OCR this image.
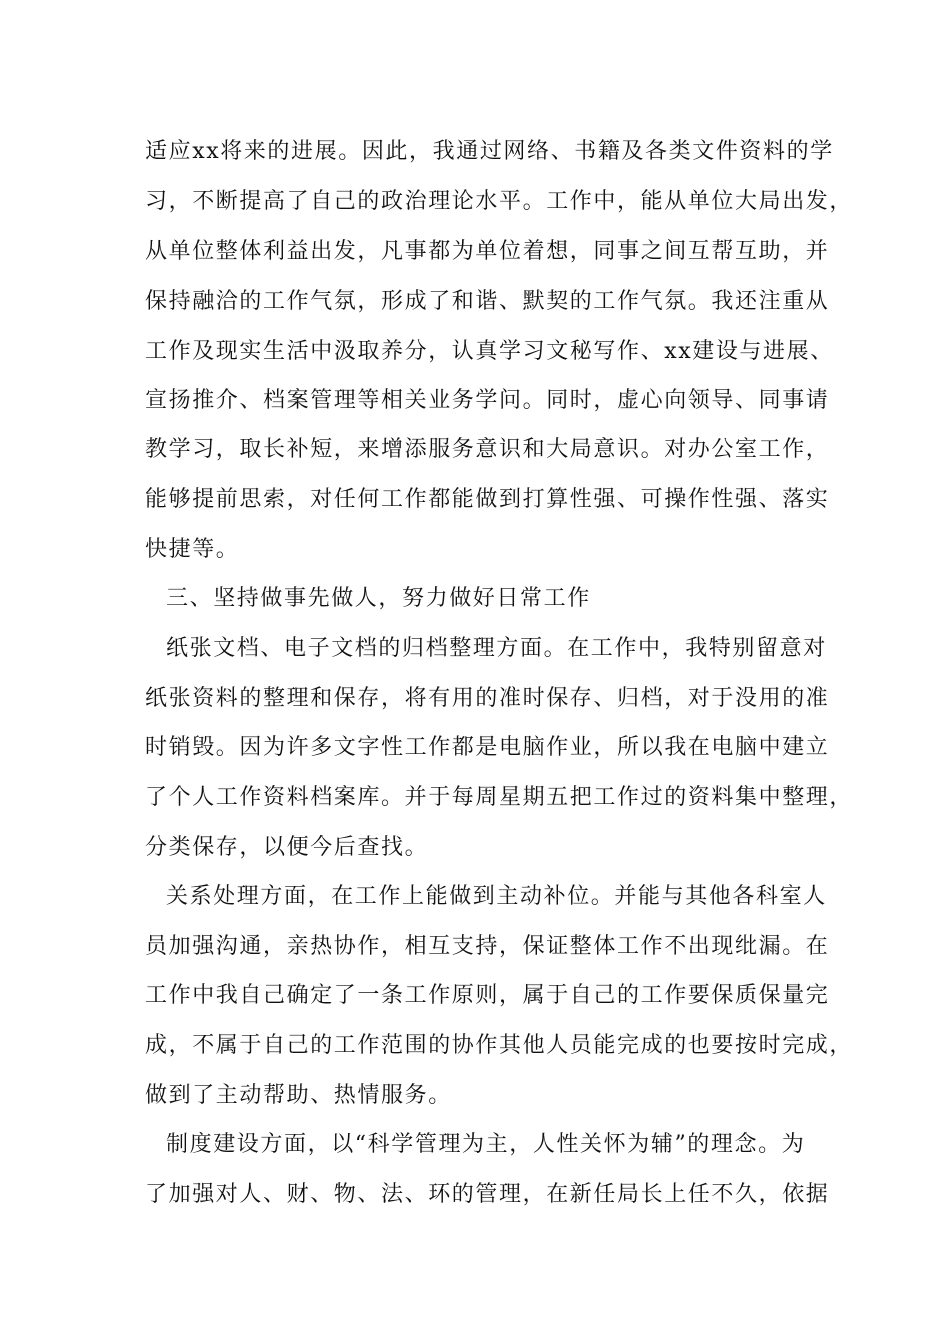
适应xx将来的进展。因此，我通过网络、书籍及各类文件资料的学
习，不断提高了自己的政治理论水平。工作中，能从单位大局出发，
从单位整体利益出发，凡事都为单位着想，同事之间互帮互助，并
保持融洽的工作气氛，形成了和谐、默契的工作气氛。我还注重从
工作及现实生活中汲取养分，认真学习文秘写作、xx建设与进展、
宣扬推介、档案管理等相关业务学问。同时，虚心向领导、同事请
教学习，取长补短，来增添服务意识和大局意识。对办公室工作，
能够提前思索，对任何工作都能做到打算性强、可操作性强、落实
快捷等。
三、坚持做事先做人，努力做好日常工作
纸张文档、电子文档的归档整理方面。在工作中，我特别留意对
纸张资料的整理和保存，将有用的准时保存、归档，对于没用的准
时销毁。因为许多文字性工作都是电脑作业，所以我在电脑中建立
了个人工作资料档案库。并于每周星期五把工作过的资料集中整理，
分类保存，以便今后查找。
关系处理方面，在工作上能做到主动补位。并能与其他各科室人
员加强沟通，亲热协作，相互支持，保证整体工作不出现纰漏。在
工作中我自己确定了一条工作原则，属于自己的工作要保质保量完
成，不属于自己的工作范围的协作其他人员能完成的也要按时完成，
做到了主动帮助、热情服务。
制度建设方面，以“科学管理为主，人性关怀为辅”的理念。为
了加强对人、财、物、法、环的管理，在新任局长上任不久，依据
